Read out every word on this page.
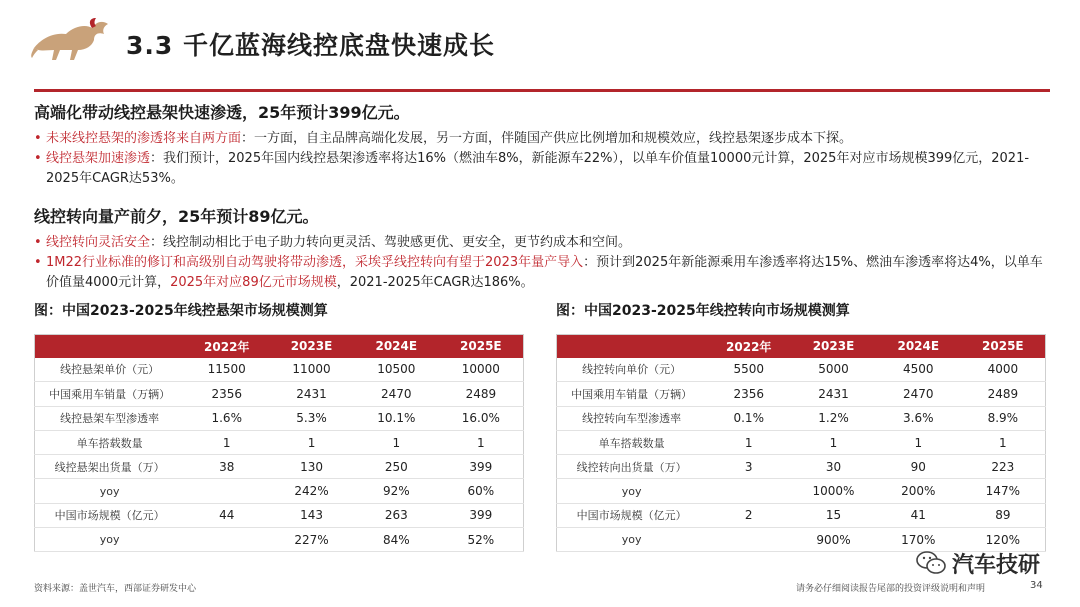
3.3 千亿蓝海线控底盘快速成长
高端化带动线控悬架快速渗透，25年预计399亿元。
• 未来线控悬架的渗透将来自两方面：一方面，自主品牌高端化发展，另一方面，伴随国产供应比例增加和规模效应，线控悬架逐步成本下探。
• 线控悬架加速渗透：我们预计，2025年国内线控悬架渗透率将达16%（燃油车8%，新能源车22%），以单车价值量10000元计算，2025年对应市场规模399亿元，2021-2025年CAGR达53%。
线控转向量产前夕，25年预计89亿元。
• 线控转向灵活安全：线控制动相比于电子助力转向更灵活、驾驶感更优、更安全，更节约成本和空间。
• 1M22行业标准的修订和高级别自动驾驶将带动渗透，采埃孚线控转向有望于2023年量产导入：预计到2025年新能源乘用车渗透率将达15%、燃油车渗透率将达4%，以单车价值量4000元计算，2025年对应89亿元市场规模，2021-2025年CAGR达186%。
图：中国2023-2025年线控悬架市场规模测算	图：中国2023-2025年线控转向市场规模测算
	2022年	2023E	2024E	2025E
线控悬架单价（元）	11500	11000	10500	10000
中国乘用车销量（万辆）	2356	2431	2470	2489
线控悬架车型渗透率	1.6%	5.3%	10.1%	16.0%
单车搭载数量	1	1	1	1
线控悬架出货量（万）	38	130	250	399
yoy		242%	92%	60%
中国市场规模（亿元）	44	143	263	399
yoy		227%	84%	52%
	2022年	2023E	2024E	2025E
线控转向单价（元）	5500	5000	4500	4000
中国乘用车销量（万辆）	2356	2431	2470	2489
线控转向车型渗透率	0.1%	1.2%	3.6%	8.9%
单车搭载数量	1	1	1	1
线控转向出货量（万）	3	30	90	223
yoy		1000%	200%	147%
中国市场规模（亿元）	2	15	41	89
yoy		900%	170%	120%
汽车技研
资料来源：盖世汽车，西部证券研发中心	请务必仔细阅读报告尾部的投资评级说明和声明	34
